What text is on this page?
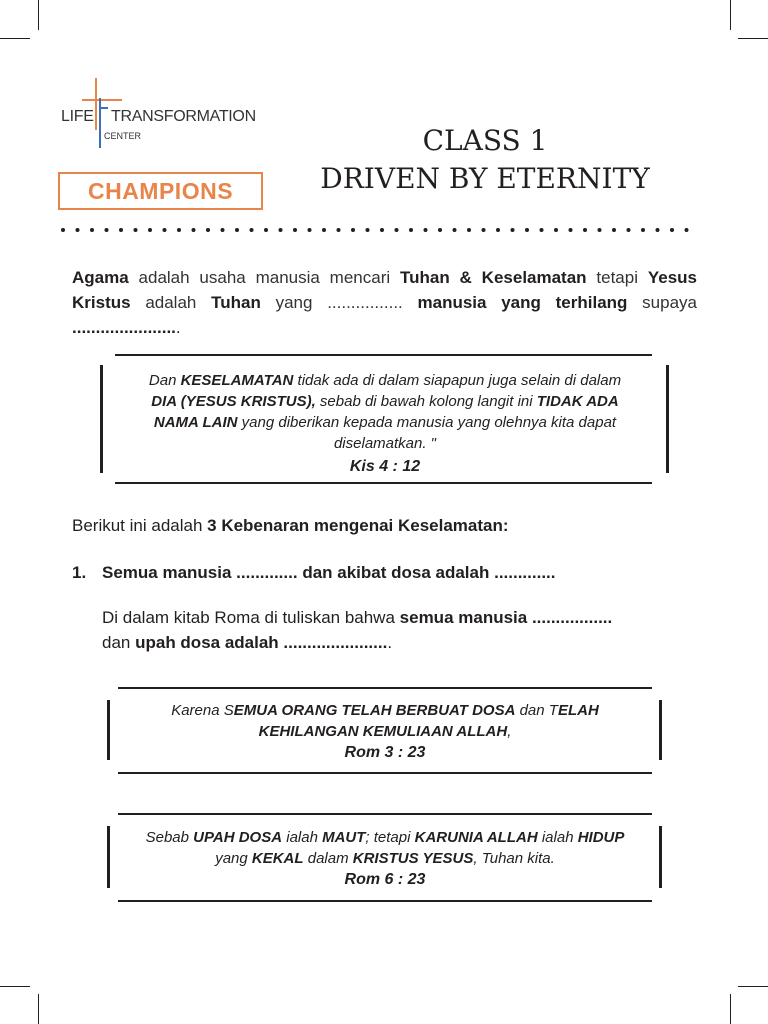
LIFE TRANSFORMATION
CENTER
CHAMPIONS
CLASS 1
DRIVEN BY ETERNITY
Agama adalah usaha manusia mencari Tuhan & Keselamatan tetapi Yesus Kristus adalah Tuhan yang ................ manusia yang terhilang supaya .......................
Dan KESELAMATAN tidak ada di dalam siapapun juga selain di dalam DIA (YESUS KRISTUS), sebab di bawah kolong langit ini TIDAK ADA NAMA LAIN yang diberikan kepada manusia yang olehnya kita dapat diselamatkan. "
Kis 4 : 12
Berikut ini adalah 3 Kebenaran mengenai Keselamatan:
1. Semua manusia ............. dan akibat dosa adalah .............
Di dalam kitab Roma di tuliskan bahwa semua manusia .................
dan upah dosa adalah .......................
Karena SEMUA ORANG TELAH BERBUAT DOSA dan TELAH KEHILANGAN KEMULIAAN ALLAH,
Rom 3 : 23
Sebab UPAH DOSA ialah MAUT; tetapi KARUNIA ALLAH ialah HIDUP yang KEKAL dalam KRISTUS YESUS, Tuhan kita.
Rom 6 : 23
